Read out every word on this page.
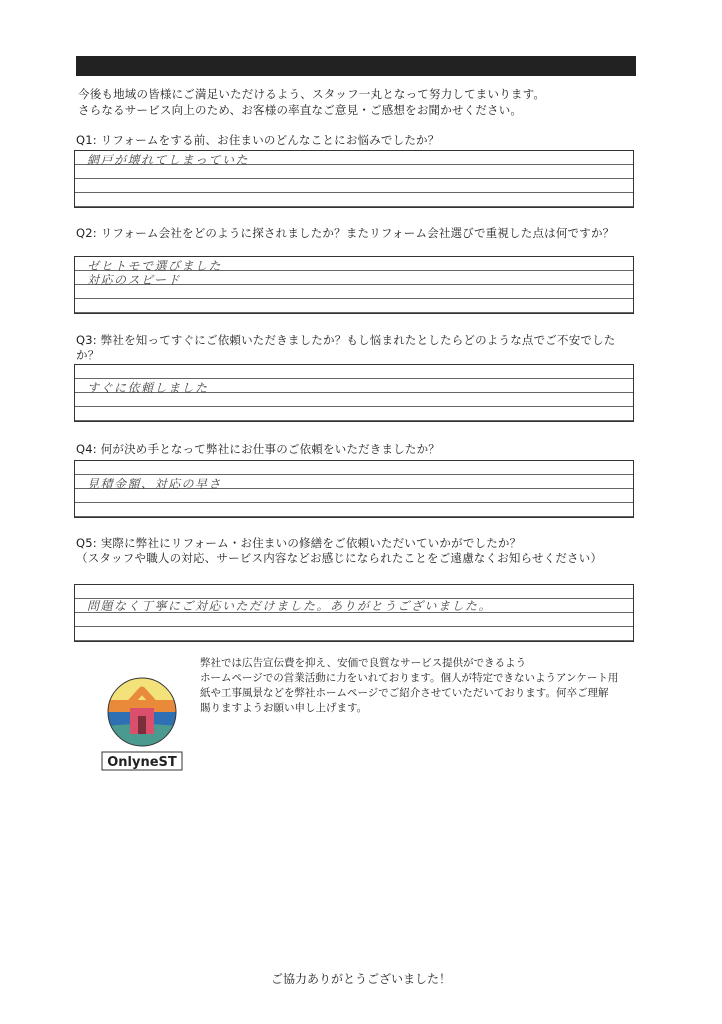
今後も地域の皆様にご満足いただけるよう、スタッフ一丸となって努力してまいります。
さらなるサービス向上のため、お客様の率直なご意見・ご感想をお聞かせください。
Q1: リフォームをする前、お住まいのどんなことにお悩みでしたか？
網戸が壊れてしまっていた
Q2: リフォーム会社をどのように探されましたか？またリフォーム会社選びで重視した点は何ですか？
ゼヒトモで選びました
対応のスピード
Q3: 弊社を知ってすぐにご依頼いただきましたか？もし悩まれたとしたらどのような点でご不安でしたか？
すぐに依頼しました
Q4: 何が決め手となって弊社にお仕事のご依頼をいただきましたか？
見積金額、対応の早さ
Q5: 実際に弊社にリフォーム・お住まいの修繕をご依頼いただいていかがでしたか？
（スタッフや職人の対応、サービス内容などお感じになられたことをご遠慮なくお知らせください）
問題なく丁寧にご対応いただけました。ありがとうございました。
OnlyneST
弊社では広告宣伝費を抑え、安価で良質なサービス提供ができるよう
ホームページでの営業活動に力をいれております。個人が特定できないようアンケート用
紙や工事風景などを弊社ホームページでご紹介させていただいております。何卒ご理解
賜りますようお願い申し上げます。
ご協力ありがとうございました！
